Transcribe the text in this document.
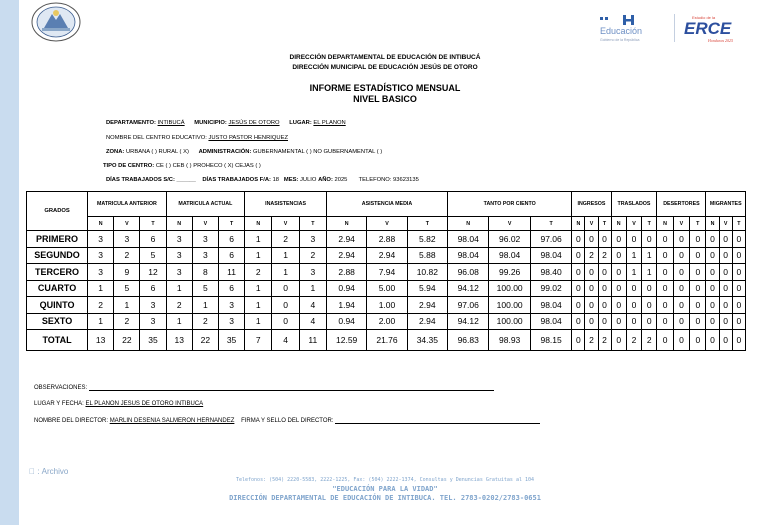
Educación
Gobierno de la República
Estudio de la
ERCE
Honduras 2025
DIRECCIÓN DEPARTAMENTAL DE EDUCACIÓN DE INTIBUCÁ
DIRECCIÓN MUNICIPAL DE EDUCACIÓN JESÚS DE OTORO
INFORME ESTADÍSTICO MENSUAL
NIVEL BASICO
DEPARTAMENTO: INTIBUCÁ MUNICIPIO: JESÚS DE OTORO LUGAR: EL PLANON
NOMBRE DEL CENTRO EDUCATIVO: JUSTO PASTOR HENRIQUEZ
ZONA: URBANA ( ) RURAL ( X) ADMINISTRACIÓN: GUBERNAMENTAL ( ) NO GUBERNAMENTAL ( )
TIPO DE CENTRO: CE ( ) CEB ( ) PROHECO ( X) CEJAS ( )
DÍAS TRABAJADOS S/C: ______ DÍAS TRABAJADOS F/A: 18 MES: JULIO AÑO: 2025 TELEFONO: 93623135
GRADOS	MATRICULA ANTERIOR			MATRICULA ACTUAL			INASISTENCIAS			ASISTENCIA MEDIA			TANTO POR CIENTO			INGRESOS			TRASLADOS			DESERTORES			MIGRANTES		
	N	V	T	N	V	T	N	V	T	N	V	T	N	V	T	N	V	T	N	V	T	N	V	T	N	V	T
PRIMERO	3	3	6	3	3	6	1	2	3	2.94	2.88	5.82	98.04	96.02	97.06	0	0	0	0	0	0	0	0	0	0	0	0
SEGUNDO	3	2	5	3	3	6	1	1	2	2.94	2.94	5.88	98.04	98.04	98.04	0	2	2	0	1	1	0	0	0	0	0	0
TERCERO	3	9	12	3	8	11	2	1	3	2.88	7.94	10.82	96.08	99.26	98.40	0	0	0	0	1	1	0	0	0	0	0	0
CUARTO	1	5	6	1	5	6	1	0	1	0.94	5.00	5.94	94.12	100.00	99.02	0	0	0	0	0	0	0	0	0	0	0	0
QUINTO	2	1	3	2	1	3	1	0	4	1.94	1.00	2.94	97.06	100.00	98.04	0	0	0	0	0	0	0	0	0	0	0	0
SEXTO	1	2	3	1	2	3	1	0	4	0.94	2.00	2.94	94.12	100.00	98.04	0	0	0	0	0	0	0	0	0	0	0	0
TOTAL	13	22	35	13	22	35	7	4	11	12.59	21.76	34.35	96.83	98.93	98.15	0	2	2	0	2	2	0	0	0	0	0	0
OBSERVACIONES:
LUGAR Y FECHA: EL PLANON JESUS DE OTORO INTIBUCA
NOMBRE DEL DIRECTOR: MARLIN DESENIA SALMERON HERNANDEZ FIRMA Y SELLO DEL DIRECTOR:
: Archivo
Telefonos: (504) 2220-5583, 2222-1225, Fax: (504) 2222-1374, Consultas y Denuncias Gratuitas al 104
"EDUCACIÓN PARA LA VIDAD"
DIRECCIÓN DEPARTAMENTAL DE EDUCACIÓN DE INTIBUCA. TEL. 2783-0202/2783-0651
